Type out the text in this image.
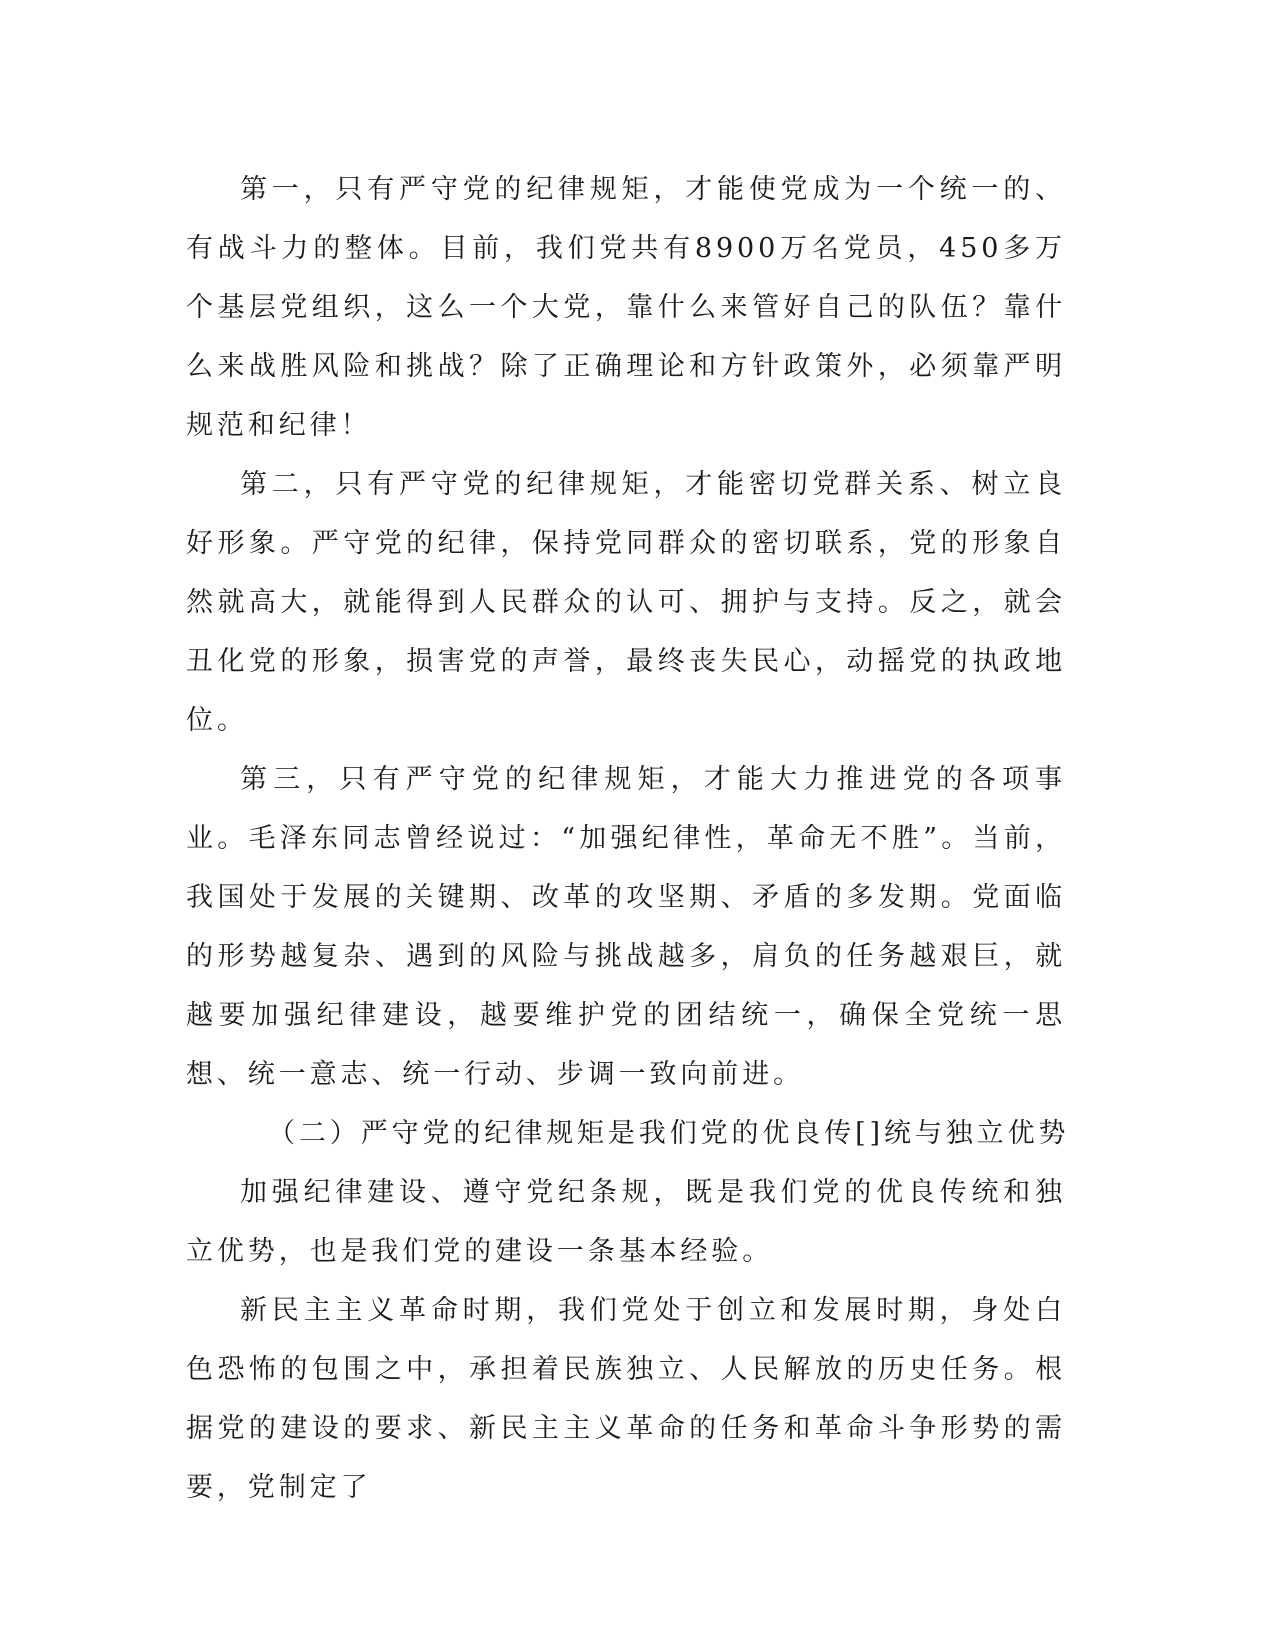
第一，只有严守党的纪律规矩，才能使党成为一个统一的、有战斗力的整体。目前，我们党共有8900万名党员，450多万个基层党组织，这么一个大党，靠什么来管好自己的队伍？靠什么来战胜风险和挑战？除了正确理论和方针政策外，必须靠严明规范和纪律！

第二，只有严守党的纪律规矩，才能密切党群关系、树立良好形象。严守党的纪律，保持党同群众的密切联系，党的形象自然就高大，就能得到人民群众的认可、拥护与支持。反之，就会丑化党的形象，损害党的声誉，最终丧失民心，动摇党的执政地位。

第三，只有严守党的纪律规矩，才能大力推进党的各项事业。毛泽东同志曾经说过：“加强纪律性，革命无不胜”。当前，我国处于发展的关键期、改革的攻坚期、矛盾的多发期。党面临的形势越复杂、遇到的风险与挑战越多，肩负的任务越艰巨，就越要加强纪律建设，越要维护党的团结统一，确保全党统一思想、统一意志、统一行动、步调一致向前进。

（二）严守党的纪律规矩是我们党的优良传[]统与独立优势

加强纪律建设、遵守党纪条规，既是我们党的优良传统和独立优势，也是我们党的建设一条基本经验。

新民主主义革命时期，我们党处于创立和发展时期，身处白色恐怖的包围之中，承担着民族独立、人民解放的历史任务。根据党的建设的要求、新民主主义革命的任务和革命斗争形势的需要，党制定了
